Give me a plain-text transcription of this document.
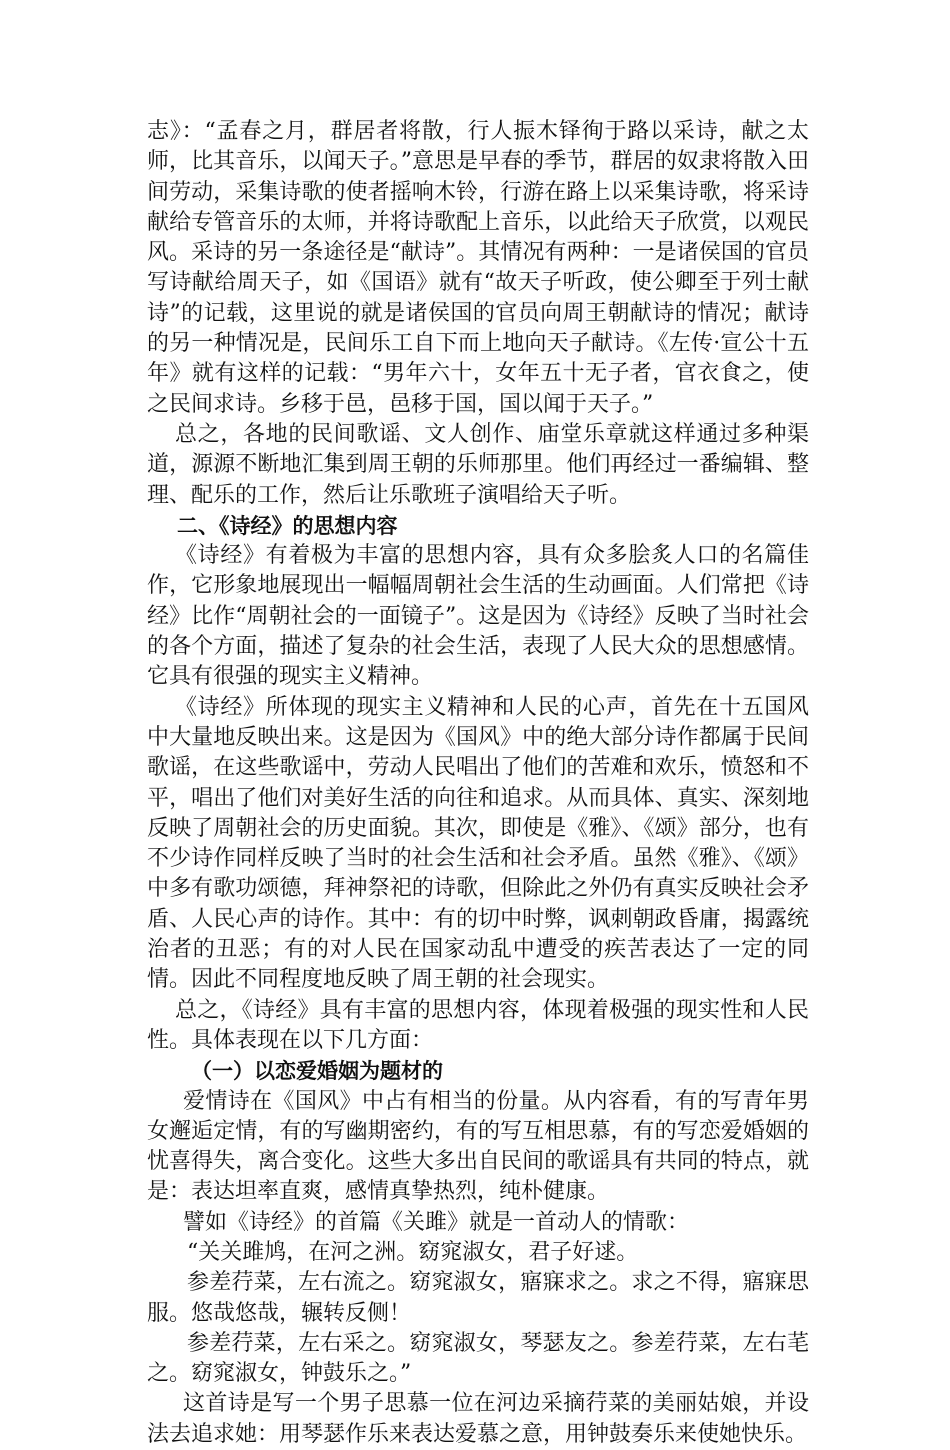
志》：“孟春之月，群居者将散，行人振木铎徇于路以采诗，献之太师，比其音乐，以闻天子。”意思是早春的季节，群居的奴隶将散入田间劳动，采集诗歌的使者摇响木铃，行游在路上以采集诗歌，将采诗献给专管音乐的太师，并将诗歌配上音乐，以此给天子欣赏，以观民风。采诗的另一条途径是“献诗”。其情况有两种：一是诸侯国的官员写诗献给周天子，如《国语》就有“故天子听政，使公卿至于列士献诗”的记载，这里说的就是诸侯国的官员向周王朝献诗的情况；献诗的另一种情况是，民间乐工自下而上地向天子献诗。《左传·宣公十五年》就有这样的记载：“男年六十，女年五十无子者，官衣食之，使之民间求诗。乡移于邑，邑移于国，国以闻于天子。”

总之，各地的民间歌谣、文人创作、庙堂乐章就这样通过多种渠道，源源不断地汇集到周王朝的乐师那里。他们再经过一番编辑、整理、配乐的工作，然后让乐歌班子演唱给天子听。

二、《诗经》的思想内容

《诗经》有着极为丰富的思想内容，具有众多脍炙人口的名篇佳作，它形象地展现出一幅幅周朝社会生活的生动画面。人们常把《诗经》比作“周朝社会的一面镜子”。这是因为《诗经》反映了当时社会的各个方面，描述了复杂的社会生活，表现了人民大众的思想感情。它具有很强的现实主义精神。

《诗经》所体现的现实主义精神和人民的心声，首先在十五国风中大量地反映出来。这是因为《国风》中的绝大部分诗作都属于民间歌谣，在这些歌谣中，劳动人民唱出了他们的苦难和欢乐，愤怒和不平，唱出了他们对美好生活的向往和追求。从而具体、真实、深刻地反映了周朝社会的历史面貌。其次，即使是《雅》、《颂》部分，也有不少诗作同样反映了当时的社会生活和社会矛盾。虽然《雅》、《颂》中多有歌功颂德，拜神祭祀的诗歌，但除此之外仍有真实反映社会矛盾、人民心声的诗作。其中：有的切中时弊，讽刺朝政昏庸，揭露统治者的丑恶；有的对人民在国家动乱中遭受的疾苦表达了一定的同情。因此不同程度地反映了周王朝的社会现实。

总之，《诗经》具有丰富的思想内容，体现着极强的现实性和人民性。具体表现在以下几方面：

（一）以恋爱婚姻为题材的

爱情诗在《国风》中占有相当的份量。从内容看，有的写青年男女邂逅定情，有的写幽期密约，有的写互相思慕，有的写恋爱婚姻的忧喜得失，离合变化。这些大多出自民间的歌谣具有共同的特点，就是：表达坦率直爽，感情真挚热烈，纯朴健康。

譬如《诗经》的首篇《关雎》就是一首动人的情歌：

“关关雎鸠，在河之洲。窈窕淑女，君子好逑。

参差荇菜，左右流之。窈窕淑女，寤寐求之。求之不得，寤寐思服。悠哉悠哉，辗转反侧！

参差荇菜，左右采之。窈窕淑女，琴瑟友之。参差荇菜，左右芼之。窈窕淑女，钟鼓乐之。”

这首诗是写一个男子思慕一位在河边采摘荇菜的美丽姑娘，并设法去追求她：用琴瑟作乐来表达爱慕之意，用钟鼓奏乐来使她快乐。
